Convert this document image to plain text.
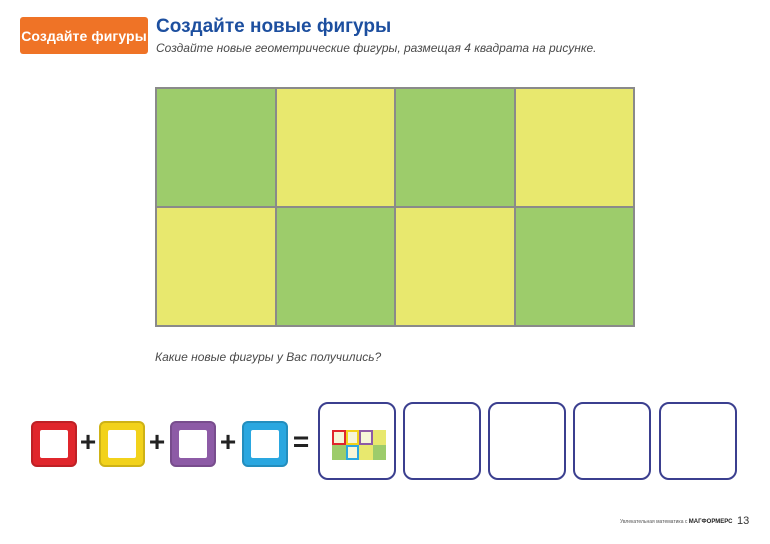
Создайте фигуры Создайте новые фигуры
Создайте новые геометрические фигуры, размещая 4 квадрата на рисунке.
Какие новые фигуры у Вас получились?
+ + + =
Увлекательная математика с МАГФОРМЕРС 13
